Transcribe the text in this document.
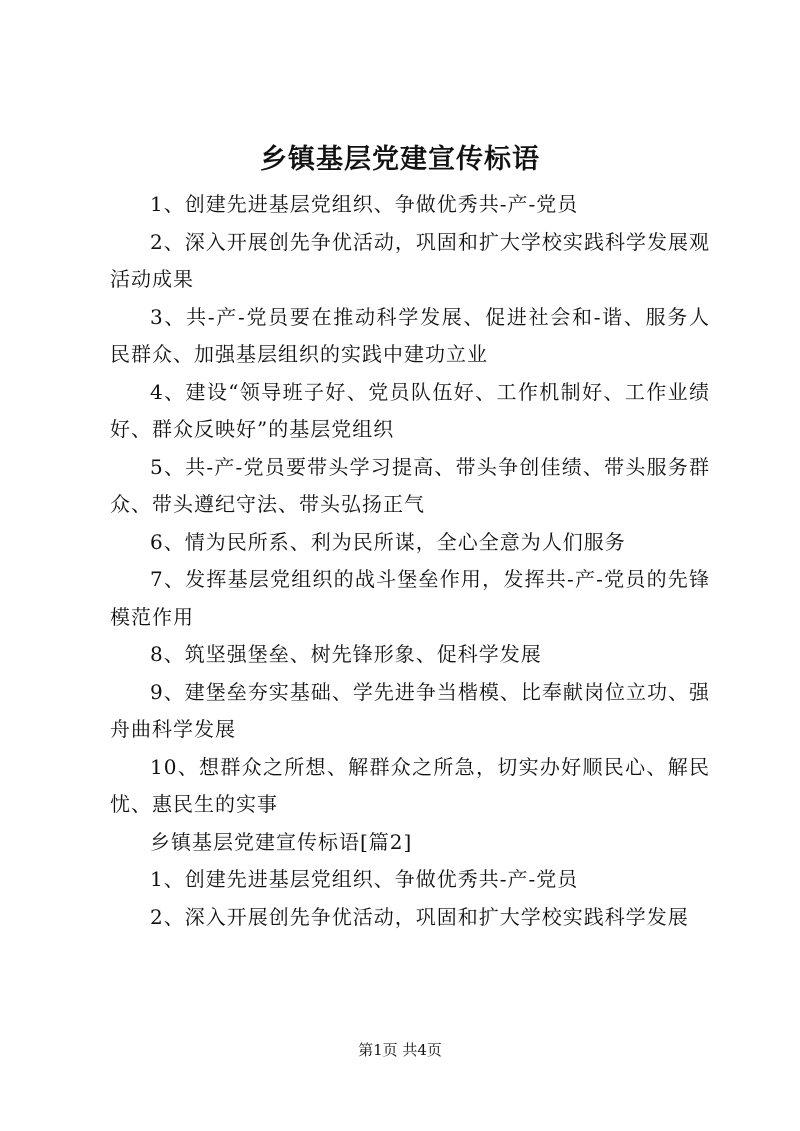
乡镇基层党建宣传标语

1、创建先进基层党组织、争做优秀共-产-党员

2、深入开展创先争优活动，巩固和扩大学校实践科学发展观活动成果

3、共-产-党员要在推动科学发展、促进社会和-谐、服务人民群众、加强基层组织的实践中建功立业

4、建设“领导班子好、党员队伍好、工作机制好、工作业绩好、群众反映好”的基层党组织

5、共-产-党员要带头学习提高、带头争创佳绩、带头服务群众、带头遵纪守法、带头弘扬正气

6、情为民所系、利为民所谋，全心全意为人们服务

7、发挥基层党组织的战斗堡垒作用，发挥共-产-党员的先锋模范作用

8、筑坚强堡垒、树先锋形象、促科学发展

9、建堡垒夯实基础、学先进争当楷模、比奉献岗位立功、强舟曲科学发展

10、想群众之所想、解群众之所急，切实办好顺民心、解民忧、惠民生的实事

乡镇基层党建宣传标语[篇2]

1、创建先进基层党组织、争做优秀共-产-党员

2、深入开展创先争优活动，巩固和扩大学校实践科学发展

第1页 共4页
